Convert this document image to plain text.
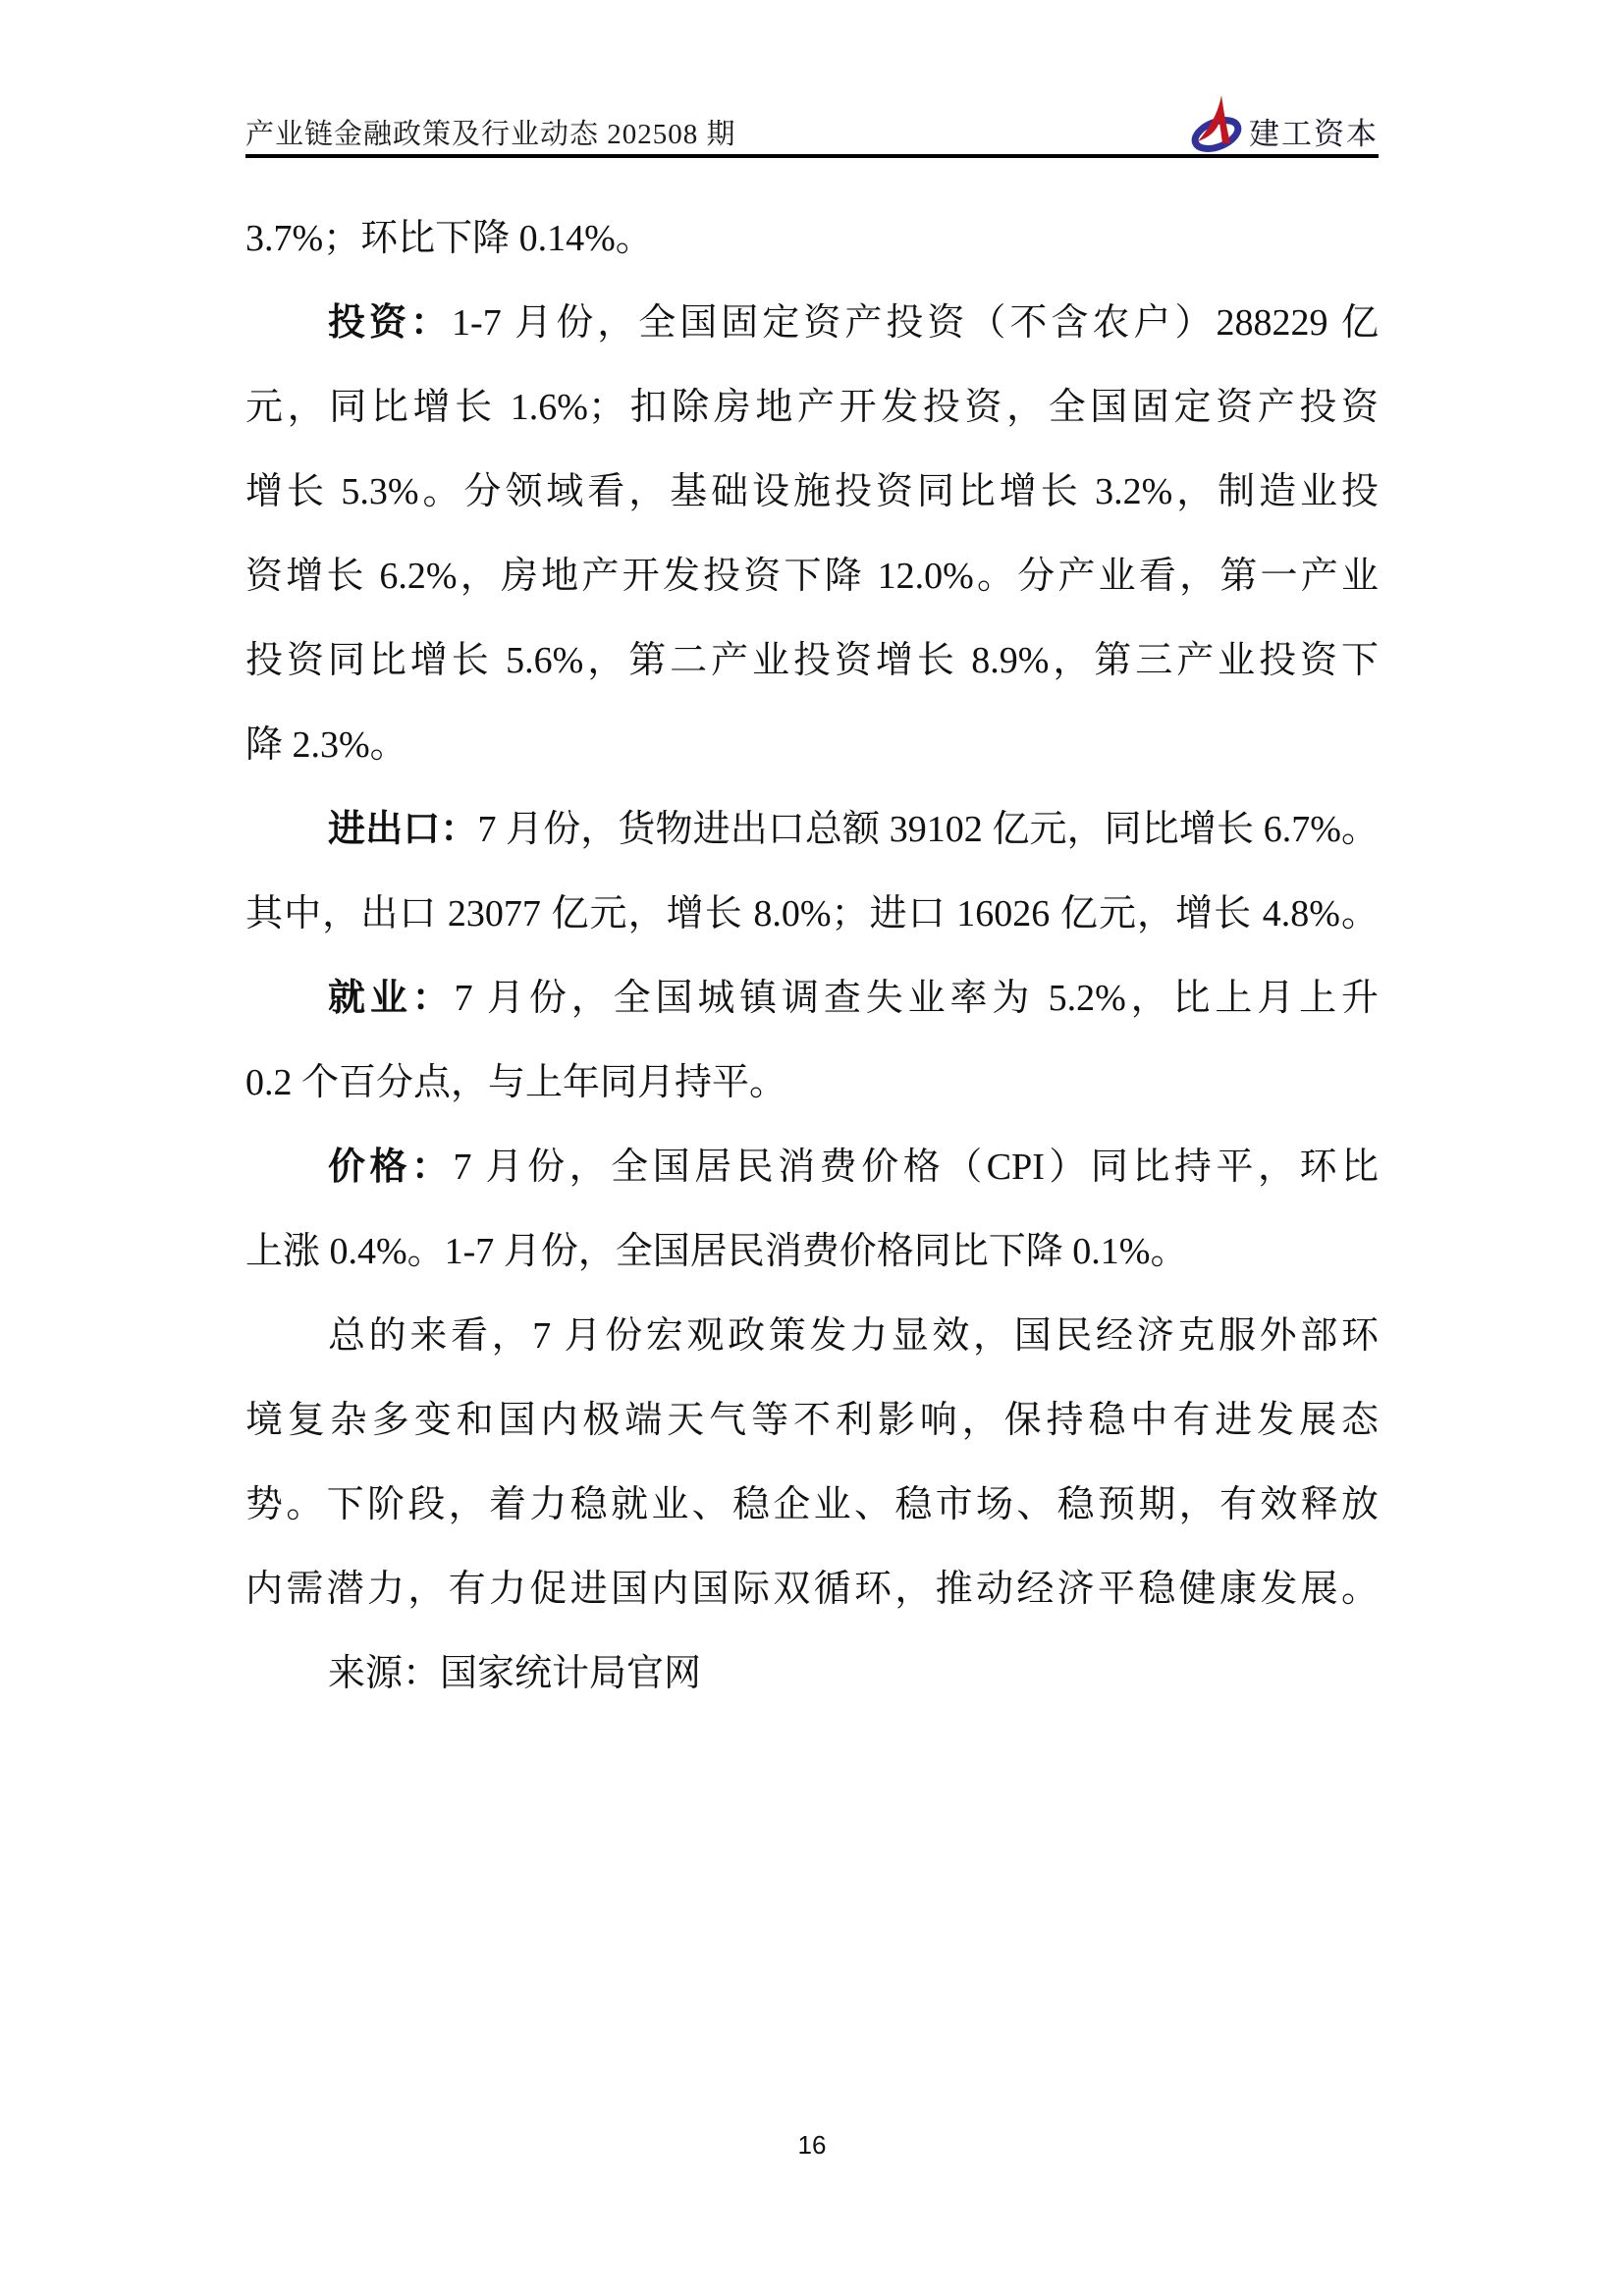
产业链金融政策及行业动态 202508 期	建工资本
3.7%；环比下降 0.14%。
投资：1-7 月份，全国固定资产投资（不含农户）288229 亿
元，同比增长 1.6%；扣除房地产开发投资，全国固定资产投资
增长 5.3%。分领域看，基础设施投资同比增长 3.2%，制造业投
资增长 6.2%，房地产开发投资下降 12.0%。分产业看，第一产业
投资同比增长 5.6%，第二产业投资增长 8.9%，第三产业投资下
降 2.3%。
进出口：7 月份，货物进出口总额 39102 亿元，同比增长 6.7%。
其中，出口 23077 亿元，增长 8.0%；进口 16026 亿元，增长 4.8%。
就业：7 月份，全国城镇调查失业率为 5.2%，比上月上升
0.2 个百分点，与上年同月持平。
价格：7 月份，全国居民消费价格（CPI）同比持平，环比
上涨 0.4%。1-7 月份，全国居民消费价格同比下降 0.1%。
总的来看，7 月份宏观政策发力显效，国民经济克服外部环
境复杂多变和国内极端天气等不利影响，保持稳中有进发展态
势。下阶段，着力稳就业、稳企业、稳市场、稳预期，有效释放
内需潜力，有力促进国内国际双循环，推动经济平稳健康发展。
来源：国家统计局官网
16
